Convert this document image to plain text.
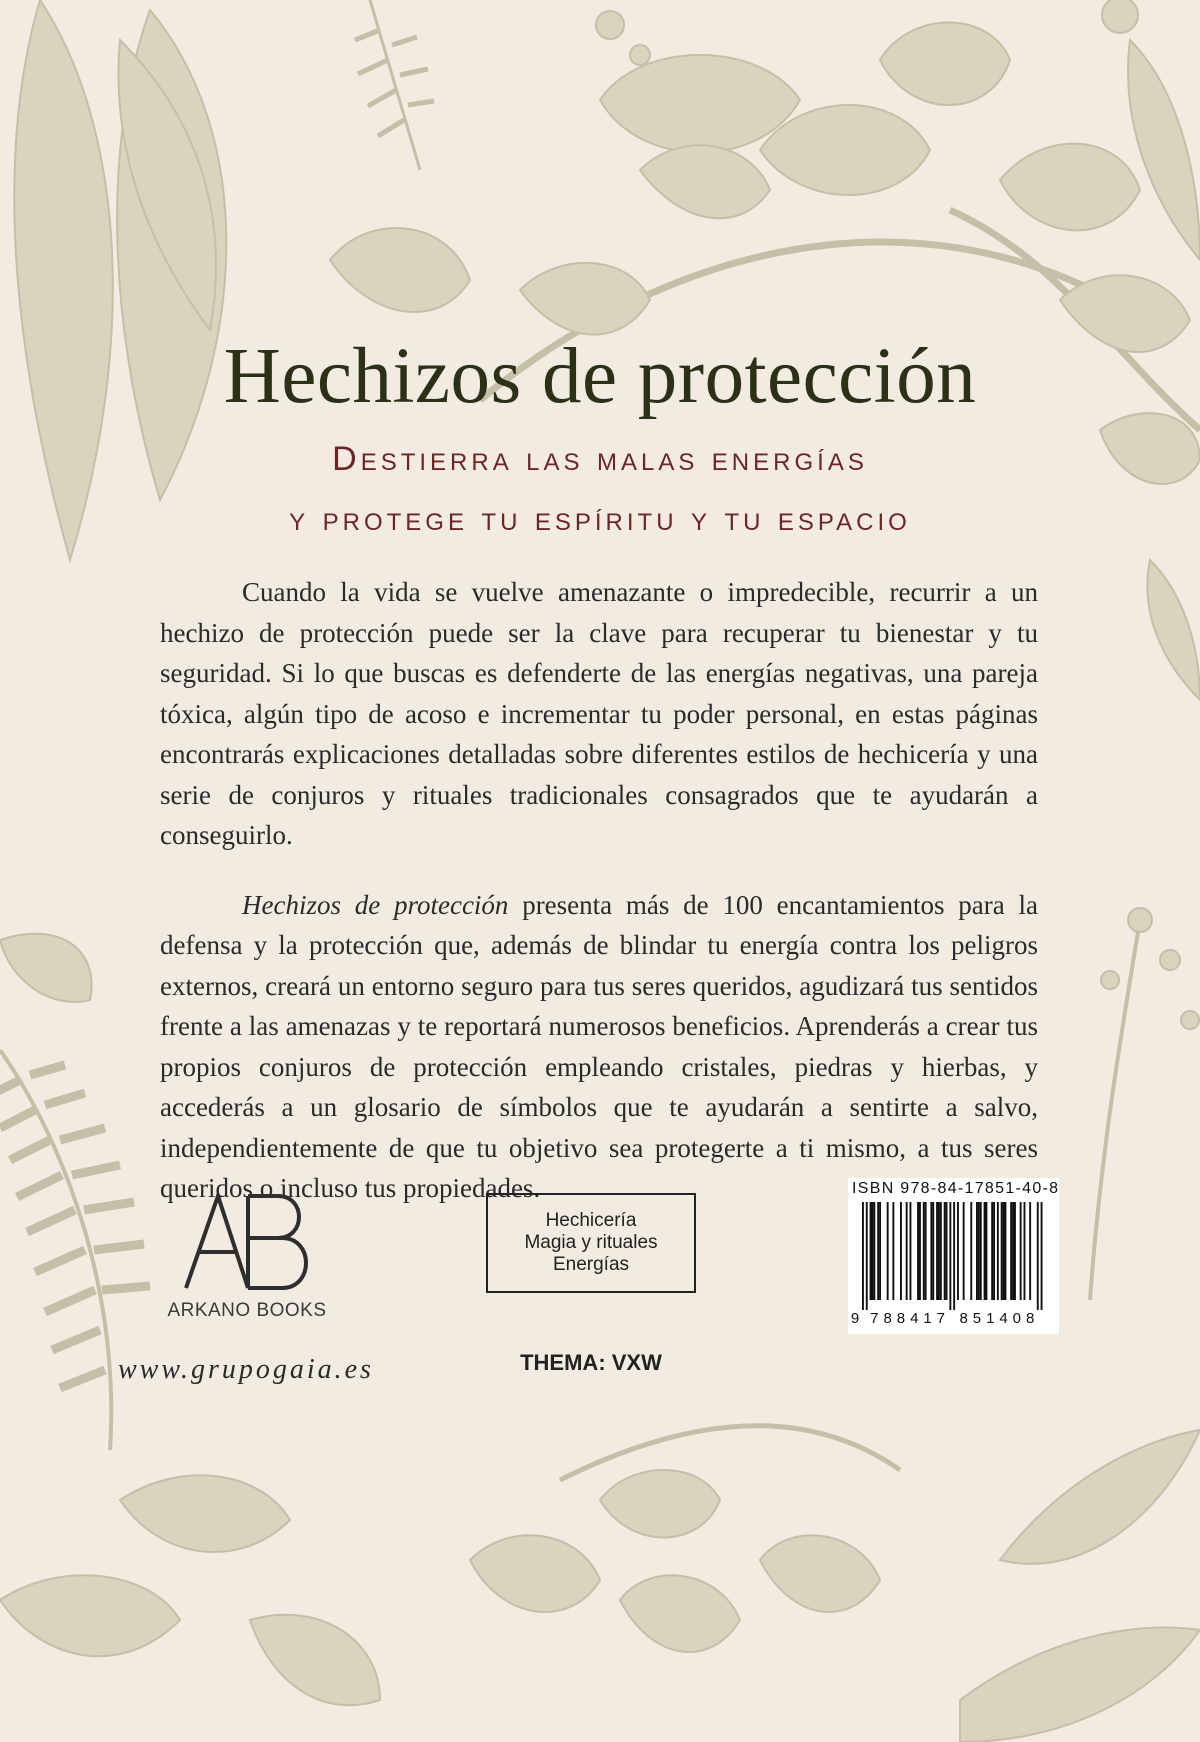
Hechizos de protección
Destierra las malas energías
y protege tu espíritu y tu espacio

Cuando la vida se vuelve amenazante o impredecible, recurrir a un hechizo de protección puede ser la clave para recuperar tu bienestar y tu seguridad. Si lo que buscas es defenderte de las energías negativas, una pareja tóxica, algún tipo de acoso e incrementar tu poder personal, en estas páginas encontrarás explicaciones detalladas sobre diferentes estilos de hechicería y una serie de conjuros y rituales tradicionales consagrados que te ayudarán a conseguirlo.

Hechizos de protección presenta más de 100 encantamientos para la defensa y la protección que, además de blindar tu energía contra los peligros externos, creará un entorno seguro para tus seres queridos, agudizará tus sentidos frente a las amenazas y te reportará numerosos beneficios. Aprenderás a crear tus propios conjuros de protección empleando cristales, piedras y hierbas, y accederás a un glosario de símbolos que te ayudarán a sentirte a salvo, independientemente de que tu objetivo sea protegerte a ti mismo, a tus seres queridos o incluso tus propiedades.

ARKANO BOOKS
www.grupogaia.es
Hechicería
Magia y rituales
Energías
THEMA: VXW
ISBN 978-84-17851-40-8
9 7 8 8 4 1 7 8 5 1 4 0 8
